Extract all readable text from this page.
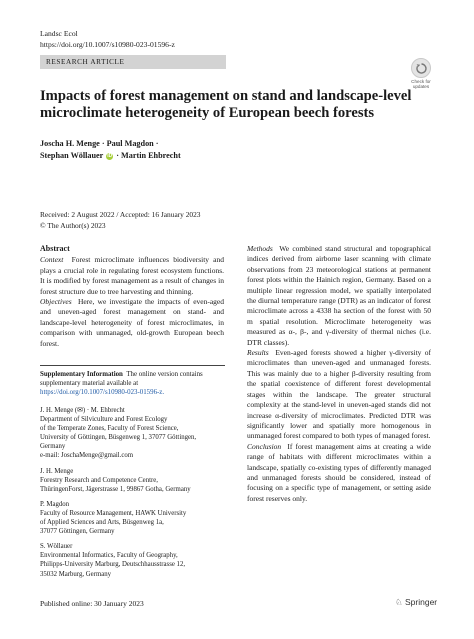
Landsc Ecol
https://doi.org/10.1007/s10980-023-01596-z
RESEARCH ARTICLE
Check for
updates
Impacts of forest management on stand and landscape-level microclimate heterogeneity of European beech forests
Joscha H. Menge · Paul Magdon ·
Stephan Wöllauer iD · Martin Ehbrecht
Received: 2 August 2022 / Accepted: 16 January 2023
© The Author(s) 2023
Abstract

Context Forest microclimate influences biodiversity and plays a crucial role in regulating forest ecosystem functions. It is modified by forest management as a result of changes in forest structure due to tree harvesting and thinning.

Objectives Here, we investigate the impacts of even-aged and uneven-aged forest management on stand- and landscape-level heterogeneity of forest microclimates, in comparison with unmanaged, old-growth European beech forest.

Methods We combined stand structural and topographical indices derived from airborne laser scanning with climate observations from 23 meteorological stations at permanent forest plots within the Hainich region, Germany. Based on a multiple linear regression model, we spatially interpolated the diurnal temperature range (DTR) as an indicator of forest microclimate across a 4338 ha section of the forest with 50 m spatial resolution. Microclimate heterogeneity was measured as α-, β-, and γ-diversity of thermal niches (i.e. DTR classes).

Results Even-aged forests showed a higher γ-diversity of microclimates than uneven-aged and unmanaged forests. This was mainly due to a higher β-diversity resulting from the spatial coexistence of different forest developmental stages within the landscape. The greater structural complexity at the stand-level in uneven-aged stands did not increase α-diversity of microclimates. Predicted DTR was significantly lower and spatially more homogenous in unmanaged forest compared to both types of managed forest.

Conclusion If forest management aims at creating a wide range of habitats with different microclimates within a landscape, spatially co-existing types of differently managed and unmanaged forests should be considered, instead of focusing on a specific type of management, or setting aside forest reserves only.

Supplementary Information The online version contains supplementary material available at https://doi.org/10.1007/s10980-023-01596-z.
J. H. Menge (✉) · M. Ehbrecht
Department of Silviculture and Forest Ecology
of the Temperate Zones, Faculty of Forest Science,
University of Göttingen, Büsgenweg 1, 37077 Göttingen,
Germany
e-mail: JoschaMenge@gmail.com
J. H. Menge
Forestry Research and Competence Centre,
ThüringenForst, Jägerstrasse 1, 99867 Gotha, Germany
P. Magdon
Faculty of Resource Management, HAWK University
of Applied Sciences and Arts, Büsgenweg 1a,
37077 Göttingen, Germany
S. Wöllauer
Environmental Informatics, Faculty of Geography,
Philipps-University Marburg, Deutschhausstrasse 12,
35032 Marburg, Germany
Published online: 30 January 2023	♘ Springer
